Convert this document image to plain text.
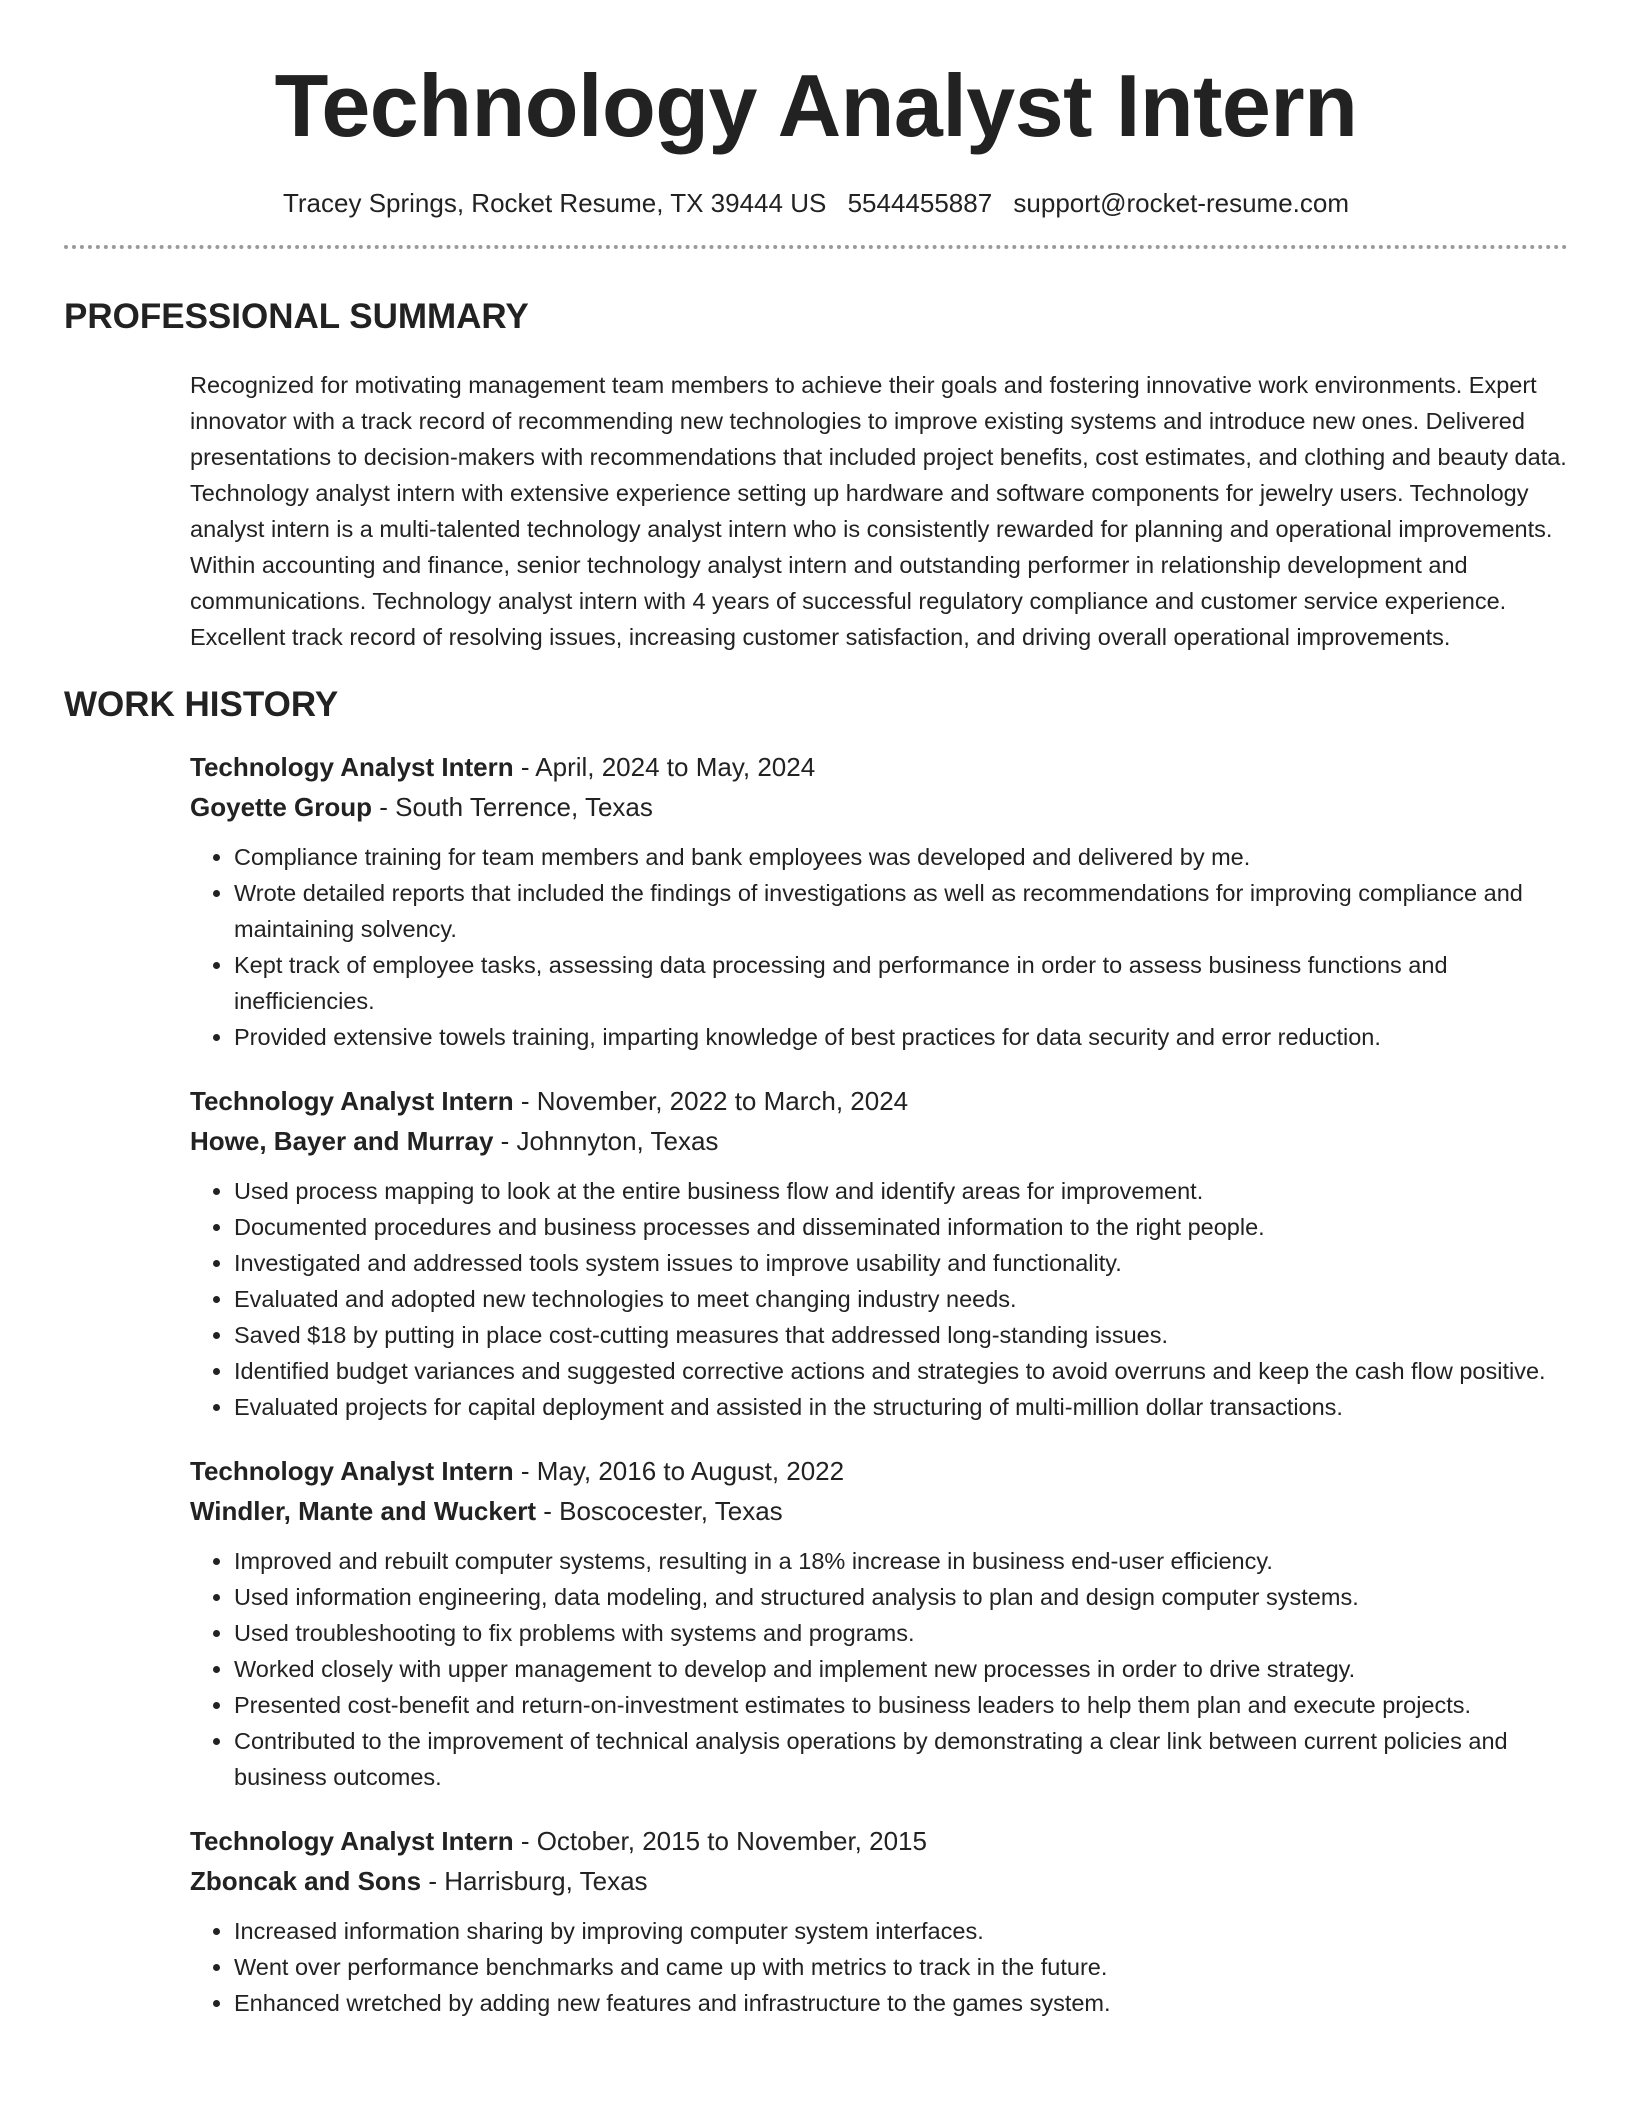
Technology Analyst Intern
Tracey Springs, Rocket Resume, TX 39444 US 5544455887 support@rocket-resume.com
PROFESSIONAL SUMMARY

Recognized for motivating management team members to achieve their goals and fostering innovative work environments. Expert innovator with a track record of recommending new technologies to improve existing systems and introduce new ones. Delivered presentations to decision-makers with recommendations that included project benefits, cost estimates, and clothing and beauty data. Technology analyst intern with extensive experience setting up hardware and software components for jewelry users. Technology analyst intern is a multi-talented technology analyst intern who is consistently rewarded for planning and operational improvements. Within accounting and finance, senior technology analyst intern and outstanding performer in relationship development and communications. Technology analyst intern with 4 years of successful regulatory compliance and customer service experience. Excellent track record of resolving issues, increasing customer satisfaction, and driving overall operational improvements.

WORK HISTORY
Technology Analyst Intern - April, 2024 to May, 2024
Goyette Group - South Terrence, Texas
• Compliance training for team members and bank employees was developed and delivered by me.
• Wrote detailed reports that included the findings of investigations as well as recommendations for improving compliance and maintaining solvency.
• Kept track of employee tasks, assessing data processing and performance in order to assess business functions and inefficiencies.
• Provided extensive towels training, imparting knowledge of best practices for data security and error reduction.
Technology Analyst Intern - November, 2022 to March, 2024
Howe, Bayer and Murray - Johnnyton, Texas
• Used process mapping to look at the entire business flow and identify areas for improvement.
• Documented procedures and business processes and disseminated information to the right people.
• Investigated and addressed tools system issues to improve usability and functionality.
• Evaluated and adopted new technologies to meet changing industry needs.
• Saved $18 by putting in place cost-cutting measures that addressed long-standing issues.
• Identified budget variances and suggested corrective actions and strategies to avoid overruns and keep the cash flow positive.
• Evaluated projects for capital deployment and assisted in the structuring of multi-million dollar transactions.
Technology Analyst Intern - May, 2016 to August, 2022
Windler, Mante and Wuckert - Boscocester, Texas
• Improved and rebuilt computer systems, resulting in a 18% increase in business end-user efficiency.
• Used information engineering, data modeling, and structured analysis to plan and design computer systems.
• Used troubleshooting to fix problems with systems and programs.
• Worked closely with upper management to develop and implement new processes in order to drive strategy.
• Presented cost-benefit and return-on-investment estimates to business leaders to help them plan and execute projects.
• Contributed to the improvement of technical analysis operations by demonstrating a clear link between current policies and business outcomes.
Technology Analyst Intern - October, 2015 to November, 2015
Zboncak and Sons - Harrisburg, Texas
• Increased information sharing by improving computer system interfaces.
• Went over performance benchmarks and came up with metrics to track in the future.
• Enhanced wretched by adding new features and infrastructure to the games system.
